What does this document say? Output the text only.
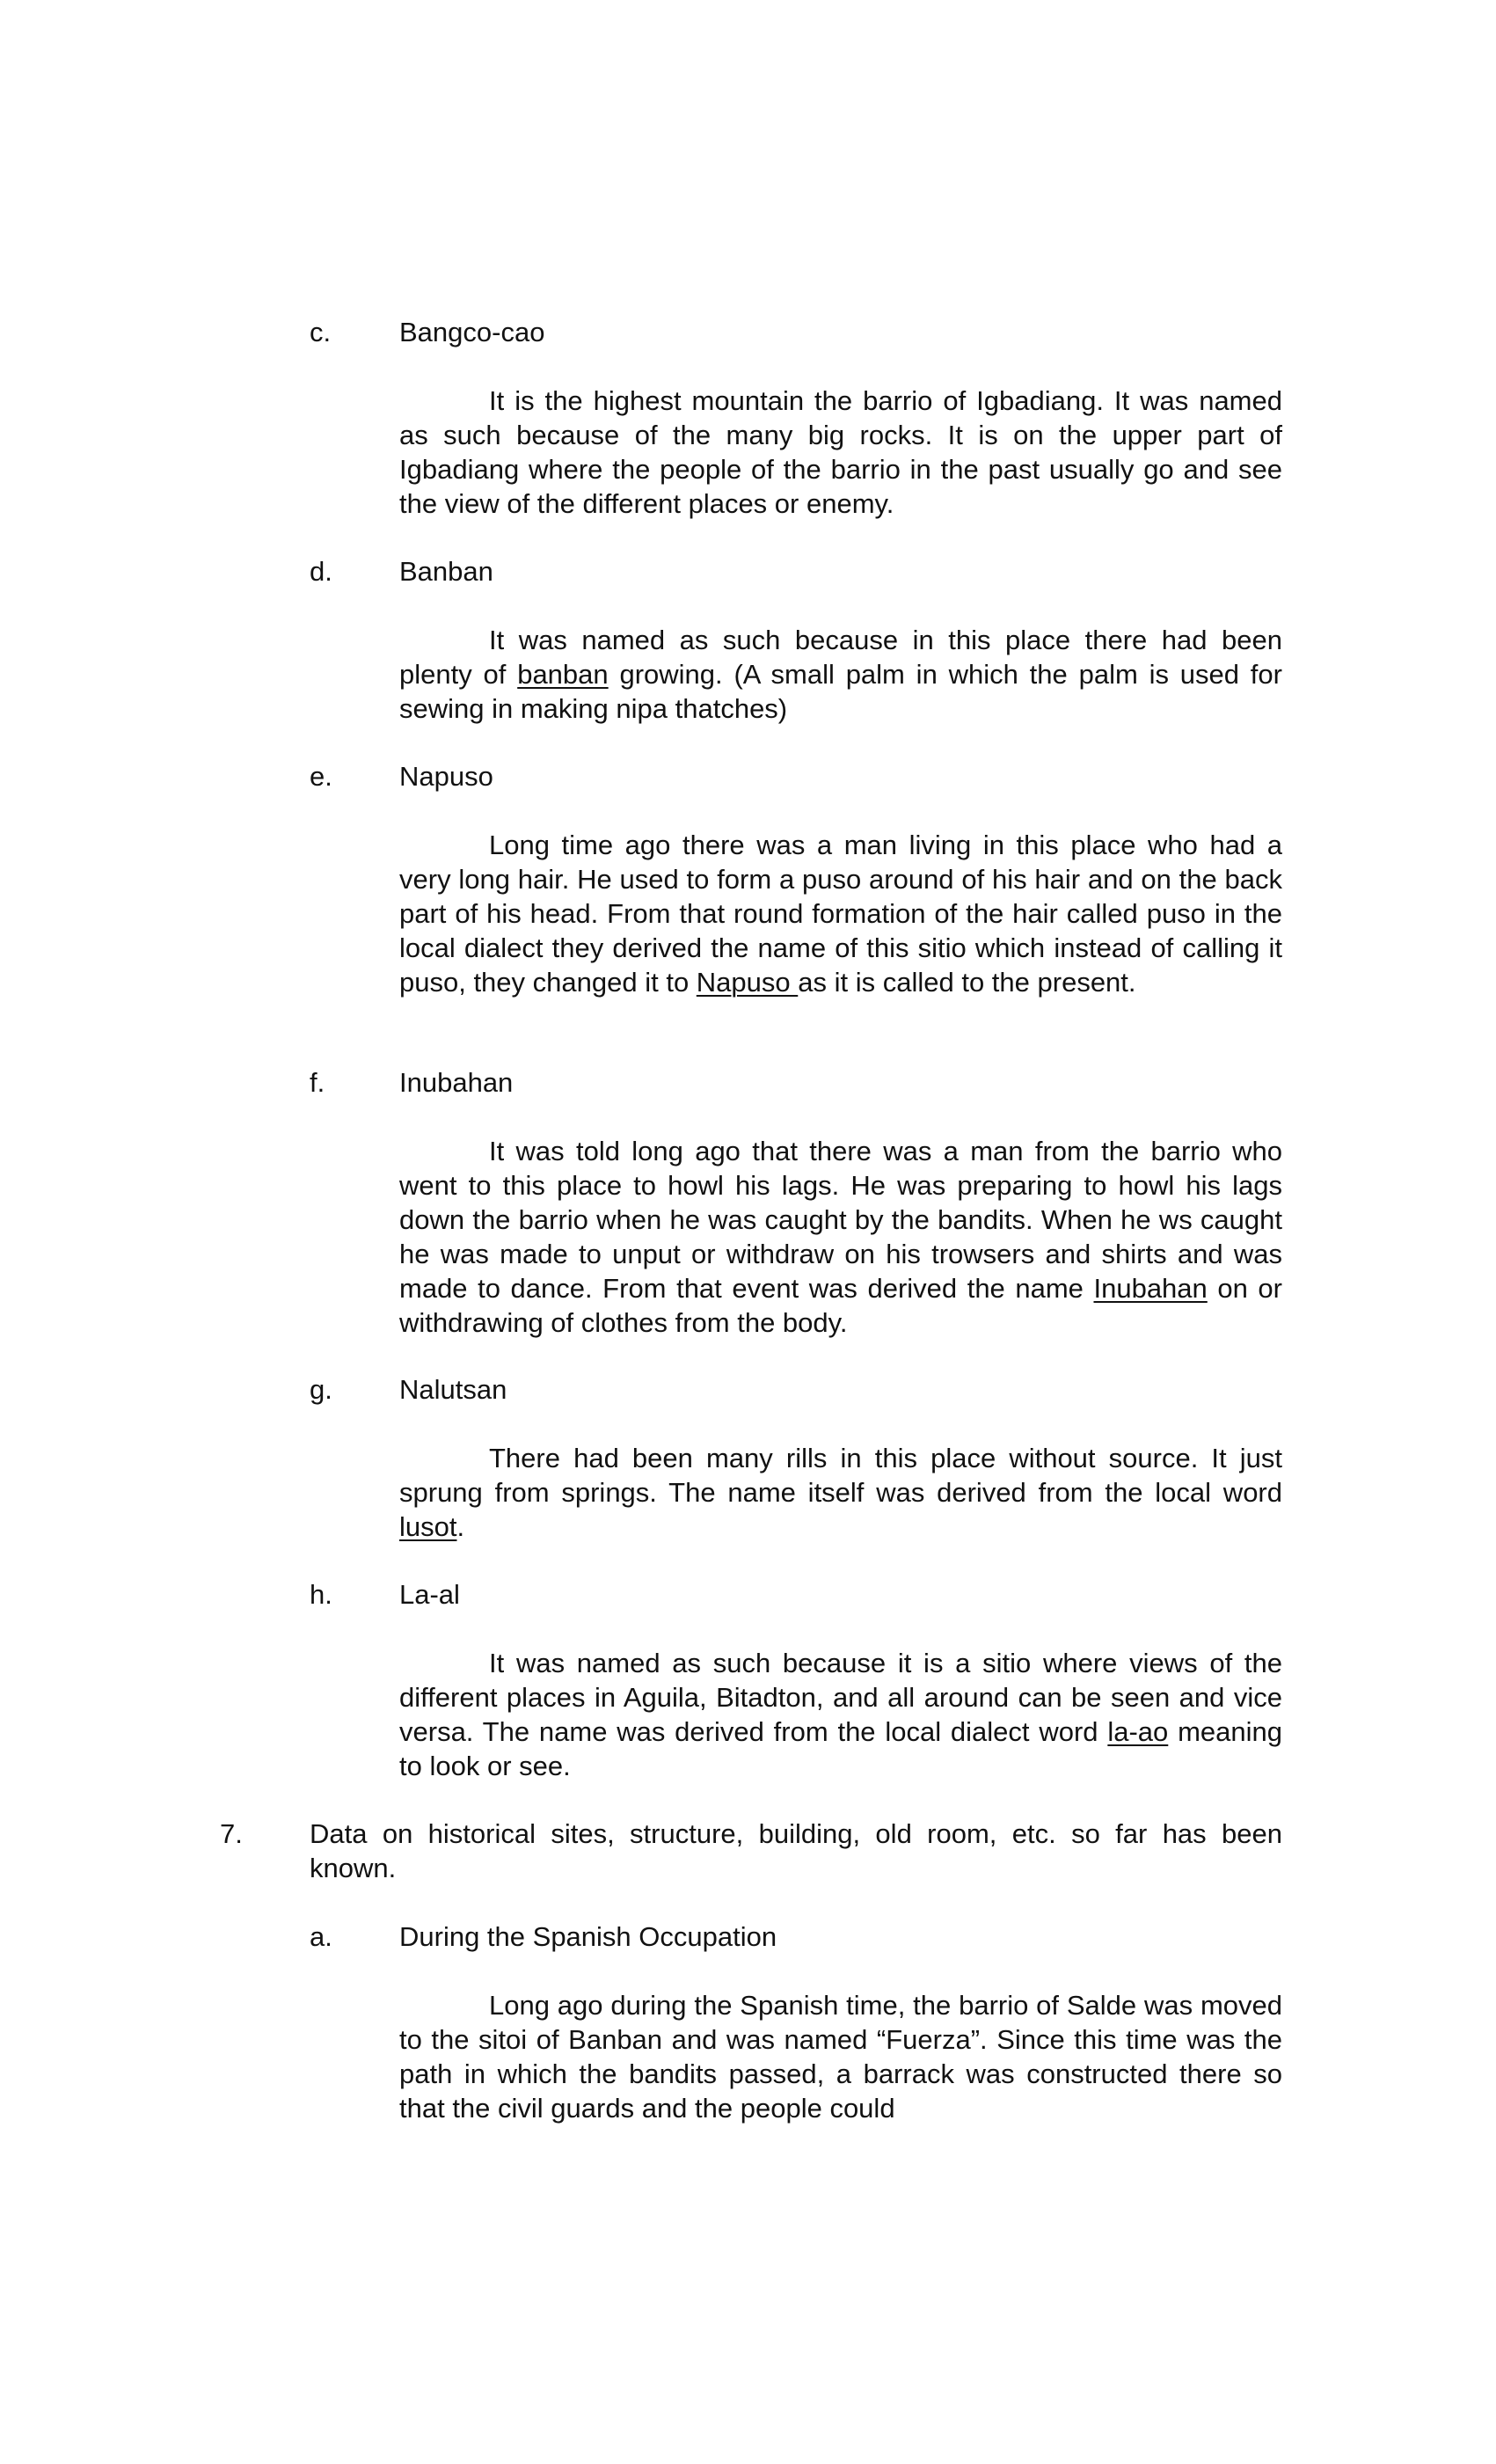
c.	Bangco-cao

It is the highest mountain the barrio of Igbadiang. It was named as such because of the many big rocks. It is on the upper part of Igbadiang where the people of the barrio in the past usually go and see the view of the different places or enemy.

d. Banban

It was named as such because in this place there had been plenty of banban growing. (A small palm in which the palm is used for sewing in making nipa thatches)

e. Napuso

Long time ago there was a man living in this place who had a very long hair. He used to form a puso around of his hair and on the back part of his head. From that round formation of the hair called puso in the local dialect they derived the name of this sitio which instead of calling it puso, they changed it to Napuso as it is called to the present.

f.	Inubahan

It was told long ago that there was a man from the barrio who went to this place to howl his lags. He was preparing to howl his lags down the barrio when he was caught by the bandits. When he ws caught he was made to unput or withdraw on his trowsers and shirts and was made to dance. From that event was derived the name Inubahan on or withdrawing of clothes from the body.

g. Nalutsan

There had been many rills in this place without source. It just sprung from springs. The name itself was derived from the local word lusot.

h. La-al

It was named as such because it is a sitio where views of the different places in Aguila, Bitadton, and all around can be seen and vice versa. The name was derived from the local dialect word la-ao meaning to look or see.

7. Data on historical sites, structure, building, old room, etc. so far has been known.

a. During the Spanish Occupation

Long ago during the Spanish time, the barrio of Salde was moved to the sitoi of Banban and was named “Fuerza”. Since this time was the path in which the bandits passed, a barrack was constructed there so that the civil guards and the people could
